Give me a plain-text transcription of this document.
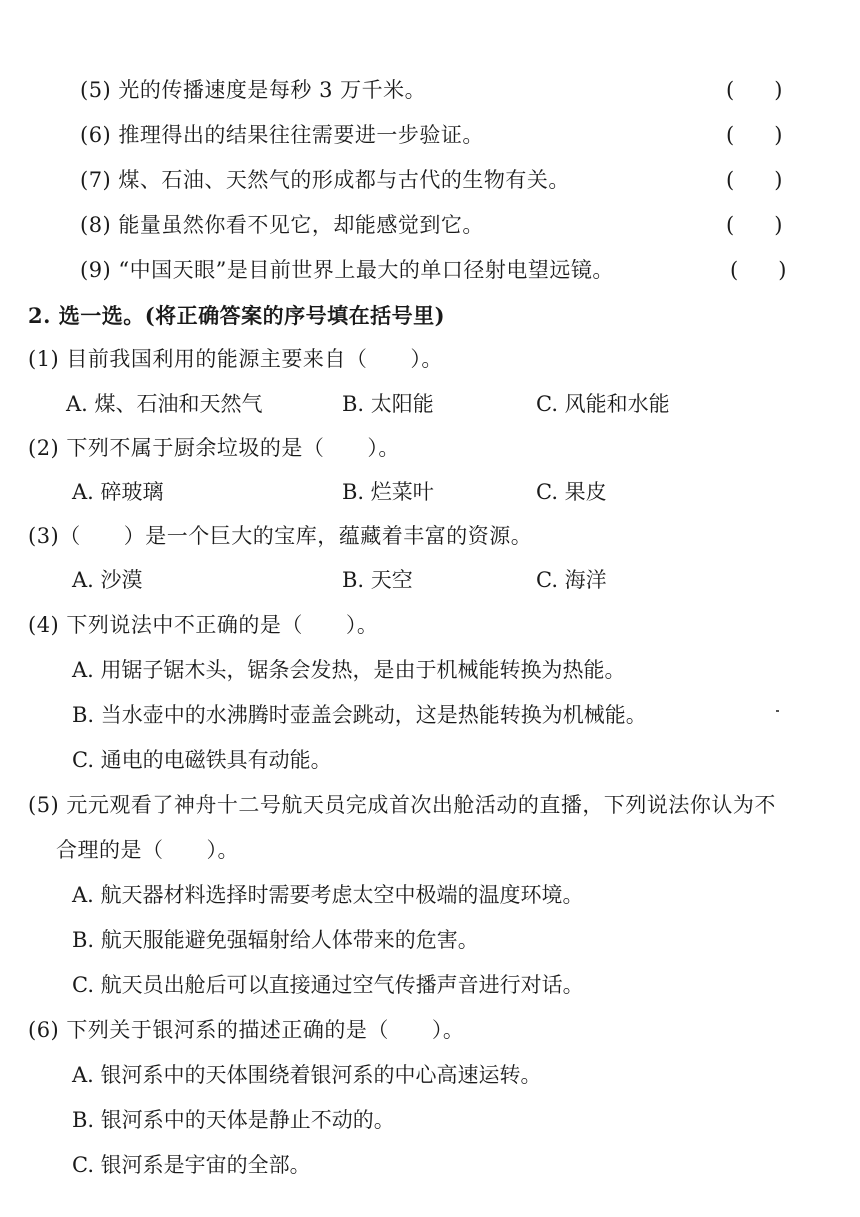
(5) 光的传播速度是每秒 3 万千米。	(      )
(6) 推理得出的结果往往需要进一步验证。	(      )
(7) 煤、石油、天然气的形成都与古代的生物有关。	(      )
(8) 能量虽然你看不见它，却能感觉到它。	(      )
(9) “中国天眼”是目前世界上最大的单口径射电望远镜。	(      )
2. 选一选。(将正确答案的序号填在括号里)
(1) 目前我国利用的能源主要来自（　　）。
A. 煤、石油和天然气	B. 太阳能	C. 风能和水能
(2) 下列不属于厨余垃圾的是（　　）。
A. 碎玻璃	B. 烂菜叶	C. 果皮
(3)（　　）是一个巨大的宝库，蕴藏着丰富的资源。
A. 沙漠	B. 天空	C. 海洋
(4) 下列说法中不正确的是（　　）。
A. 用锯子锯木头，锯条会发热，是由于机械能转换为热能。
B. 当水壶中的水沸腾时壶盖会跳动，这是热能转换为机械能。
C. 通电的电磁铁具有动能。
(5) 元元观看了神舟十二号航天员完成首次出舱活动的直播，下列说法你认为不
合理的是（　　）。
A. 航天器材料选择时需要考虑太空中极端的温度环境。
B. 航天服能避免强辐射给人体带来的危害。
C. 航天员出舱后可以直接通过空气传播声音进行对话。
(6) 下列关于银河系的描述正确的是（　　）。
A. 银河系中的天体围绕着银河系的中心高速运转。
B. 银河系中的天体是静止不动的。
C. 银河系是宇宙的全部。
